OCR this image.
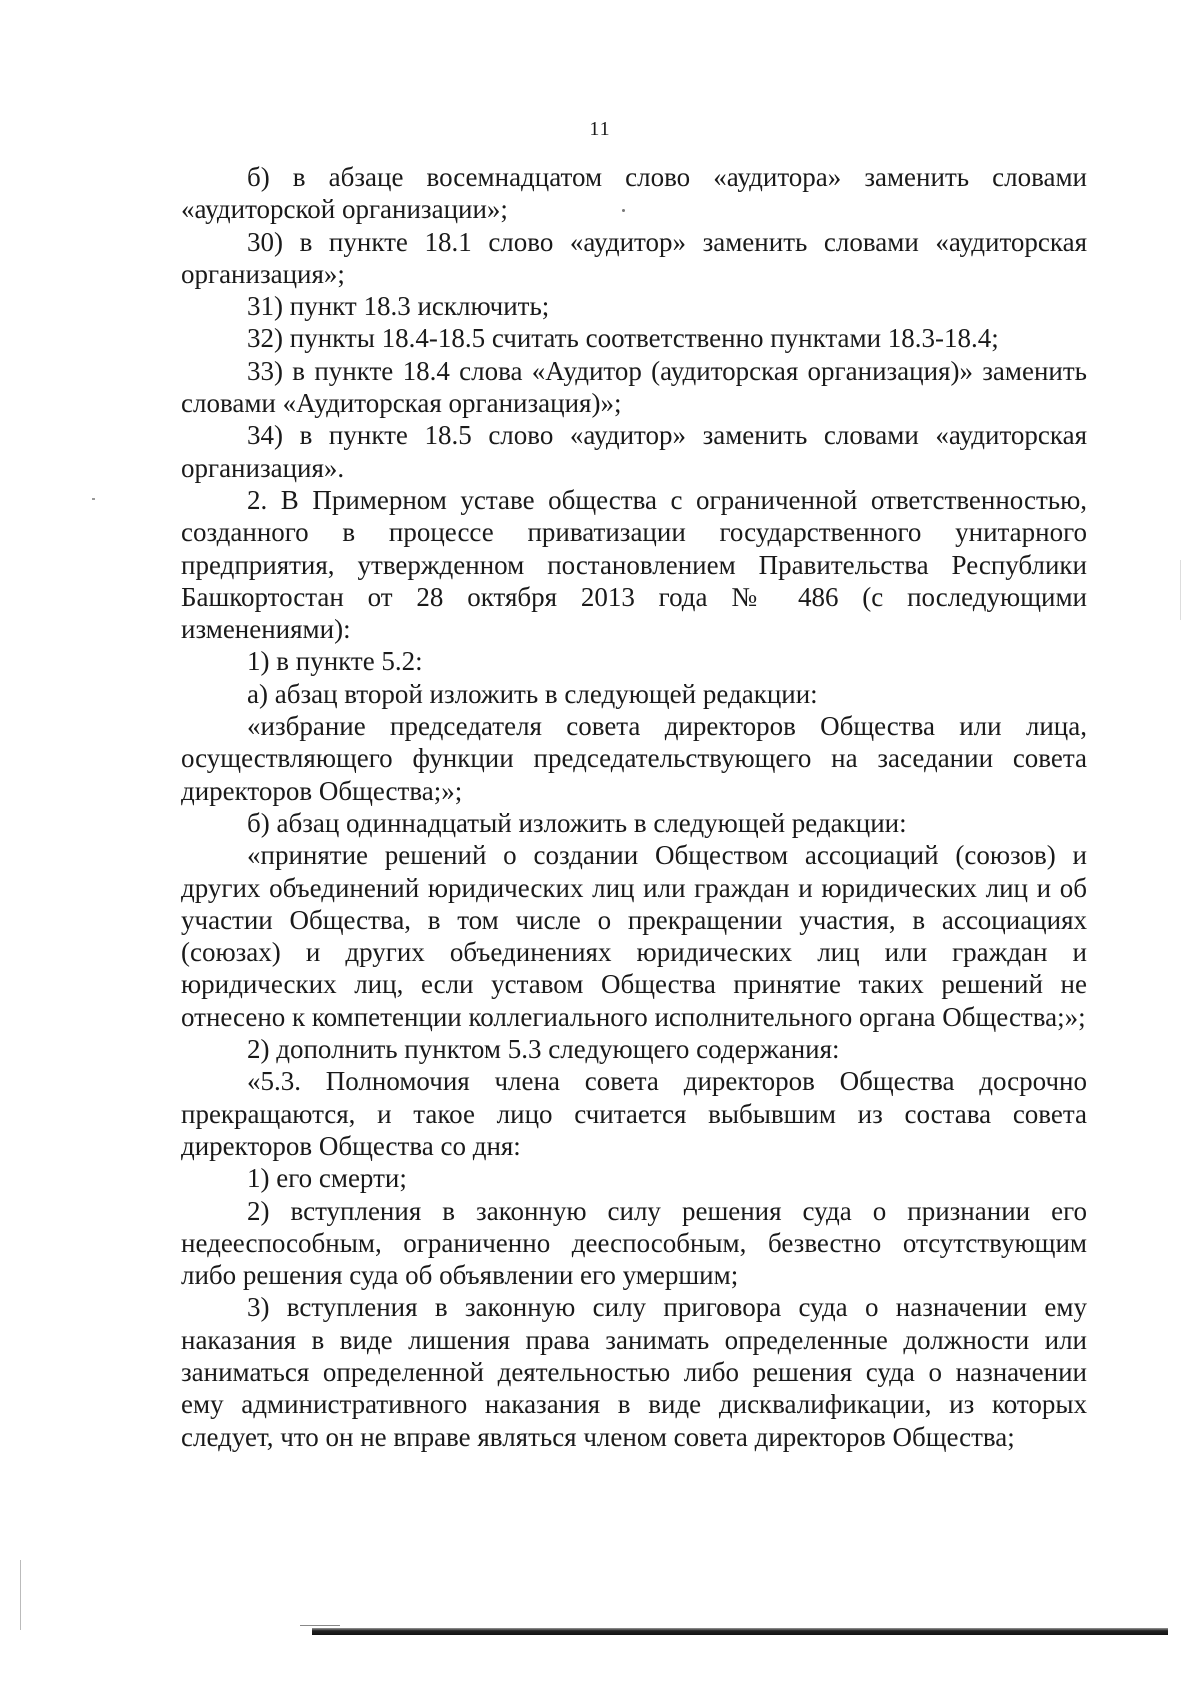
11

б) в абзаце восемнадцатом слово «аудитора» заменить словами «аудиторской организации»;

30) в пункте 18.1 слово «аудитор» заменить словами «аудиторская организация»;

31) пункт 18.3 исключить;

32) пункты 18.4-18.5 считать соответственно пунктами 18.3-18.4;

33) в пункте 18.4 слова «Аудитор (аудиторская организация)» заменить словами «Аудиторская организация)»;

34) в пункте 18.5 слово «аудитор» заменить словами «аудиторская организация».

2. В Примерном уставе общества с ограниченной ответственностью, созданного в процессе приватизации государственного унитарного предприятия, утвержденном постановлением Правительства Республики Башкортостан от 28 октября 2013 года № 486 (с последующими изменениями):

1) в пункте 5.2:

а) абзац второй изложить в следующей редакции:

«избрание председателя совета директоров Общества или лица, осуществляющего функции председательствующего на заседании совета директоров Общества;»;

б) абзац одиннадцатый изложить в следующей редакции:

«принятие решений о создании Обществом ассоциаций (союзов) и других объединений юридических лиц или граждан и юридических лиц и об участии Общества, в том числе о прекращении участия, в ассоциациях (союзах) и других объединениях юридических лиц или граждан и юридических лиц, если уставом Общества принятие таких решений не отнесено к компетенции коллегиального исполнительного органа Общества;»;

2) дополнить пунктом 5.3 следующего содержания:

«5.3. Полномочия члена совета директоров Общества досрочно прекращаются, и такое лицо считается выбывшим из состава совета директоров Общества со дня:

1) его смерти;

2) вступления в законную силу решения суда о признании его недееспособным, ограниченно дееспособным, безвестно отсутствующим либо решения суда об объявлении его умершим;

3) вступления в законную силу приговора суда о назначении ему наказания в виде лишения права занимать определенные должности или заниматься определенной деятельностью либо решения суда о назначении ему административного наказания в виде дисквалификации, из которых следует, что он не вправе являться членом совета директоров Общества;
